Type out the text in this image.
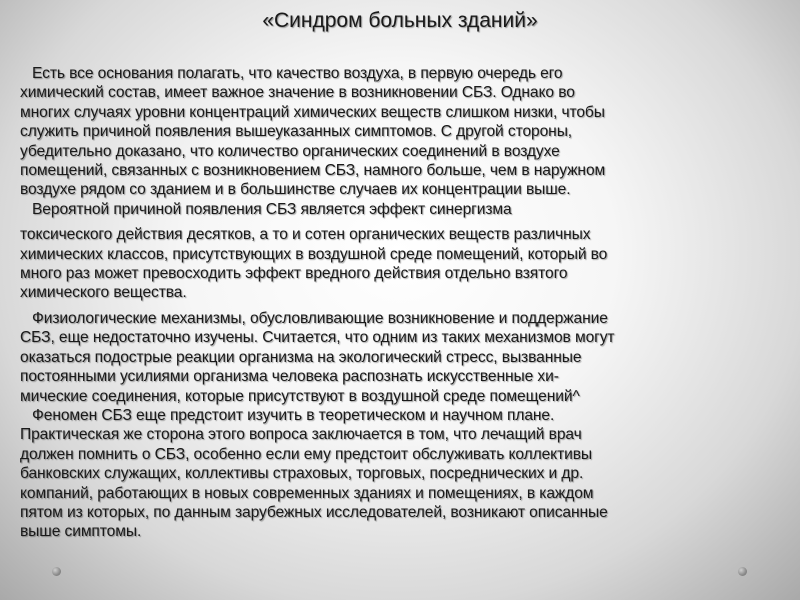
«Синдром больных зданий»
Есть все основания полагать, что качество воздуха, в первую очередь его
химический состав, имеет важное значение в возникновении СБЗ. Однако во
многих случаях уровни концентраций химических веществ слишком низки, чтобы
служить причиной появления вышеуказанных симптомов. С другой стороны,
убедительно доказано, что количество органических соединений в воздухе
помещений, связанных с возникновением СБЗ, намного больше, чем в наружном
воздухе рядом со зданием и в большинстве случаев их концентрации выше.
Вероятной причиной появления СБЗ является эффект синергизма
токсического действия десятков, а то и сотен органических веществ различных
химических классов, присутствующих в воздушной среде помещений, который во
много раз может превосходить эффект вредного действия отдельно взятого
химического вещества.
Физиологические механизмы, обусловливающие возникновение и поддержание
СБЗ, еще недостаточно изучены. Считается, что одним из таких механизмов могут
оказаться подострые реакции организма на экологический стресс, вызванные
постоянными усилиями организма человека распознать искусственные хи-
мические соединения, которые присутствуют в воздушной среде помещений^
Феномен СБЗ еще предстоит изучить в теоретическом и научном плане.
Практическая же сторона этого вопроса заключается в том, что лечащий врач
должен помнить о СБЗ, особенно если ему предстоит обслуживать коллективы
банковских служащих, коллективы страховых, торговых, посреднических и др.
компаний, работающих в новых современных зданиях и помещениях, в каждом
пятом из которых, по данным зарубежных исследователей, возникают описанные
выше симптомы.
